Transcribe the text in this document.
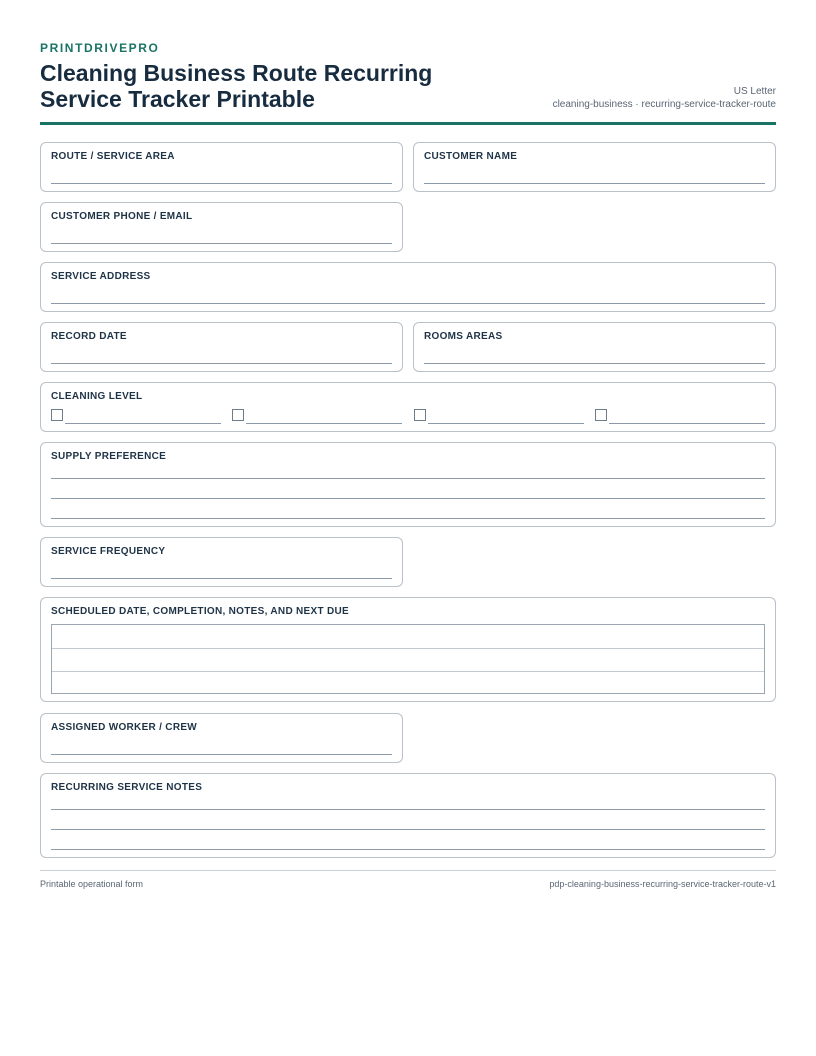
PRINTDRIVEPRO
Cleaning Business Route Recurring Service Tracker Printable	US Letter
cleaning-business · recurring-service-tracker-route
ROUTE / SERVICE AREA	CUSTOMER NAME
CUSTOMER PHONE / EMAIL
SERVICE ADDRESS
RECORD DATE	ROOMS AREAS
CLEANING LEVEL
SUPPLY PREFERENCE
SERVICE FREQUENCY
SCHEDULED DATE, COMPLETION, NOTES, AND NEXT DUE
ASSIGNED WORKER / CREW
RECURRING SERVICE NOTES
Printable operational form	pdp-cleaning-business-recurring-service-tracker-route-v1
